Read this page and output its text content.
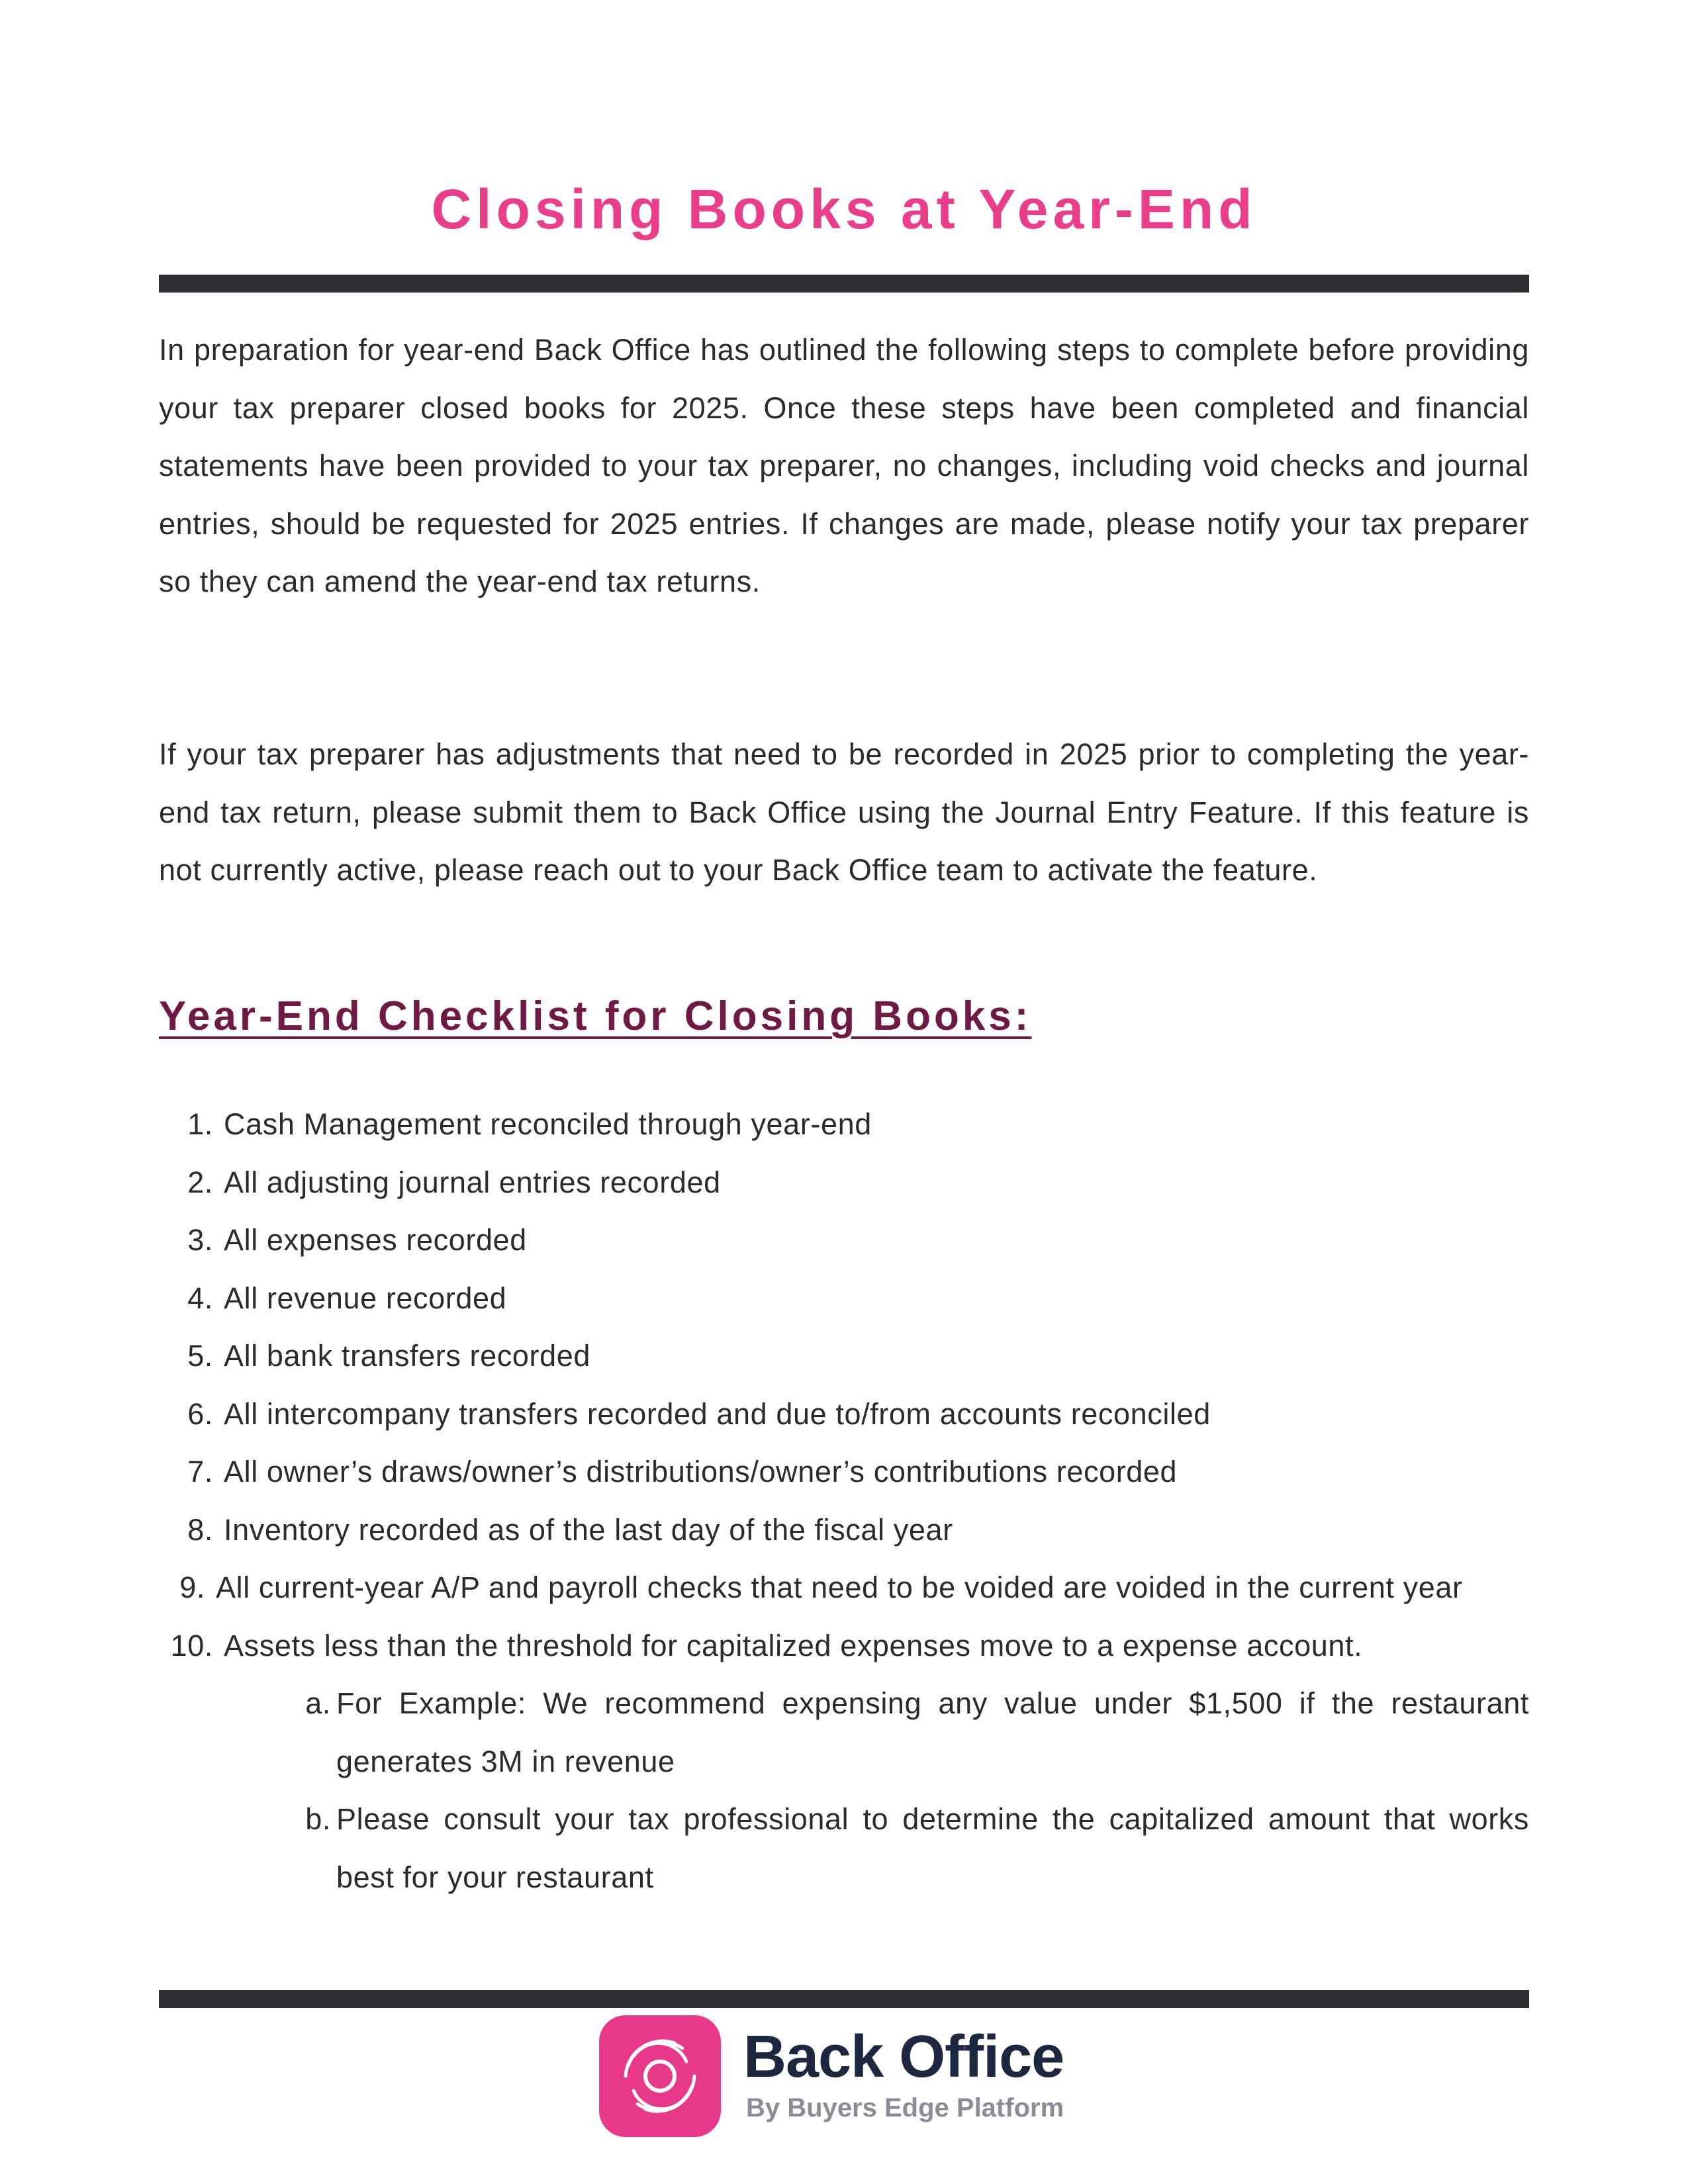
Closing Books at Year-End

In preparation for year-end Back Office has outlined the following steps to complete before providing your tax preparer closed books for 2025. Once these steps have been completed and financial statements have been provided to your tax preparer, no changes, including void checks and journal entries, should be requested for 2025 entries. If changes are made, please notify your tax preparer so they can amend the year-end tax returns.

If your tax preparer has adjustments that need to be recorded in 2025 prior to completing the year-end tax return, please submit them to Back Office using the Journal Entry Feature. If this feature is not currently active, please reach out to your Back Office team to activate the feature.

Year-End Checklist for Closing Books:
1. Cash Management reconciled through year-end
2. All adjusting journal entries recorded
3. All expenses recorded
4. All revenue recorded
5. All bank transfers recorded
6. All intercompany transfers recorded and due to/from accounts reconciled
7. All owner’s draws/owner’s distributions/owner’s contributions recorded
8. Inventory recorded as of the last day of the fiscal year
9. All current-year A/P and payroll checks that need to be voided are voided in the current year
10. Assets less than the threshold for capitalized expenses move to a expense account.
a. For Example: We recommend expensing any value under $1,500 if the restaurant generates 3M in revenue
b. Please consult your tax professional to determine the capitalized amount that works best for your restaurant
Back Office
By Buyers Edge Platform
